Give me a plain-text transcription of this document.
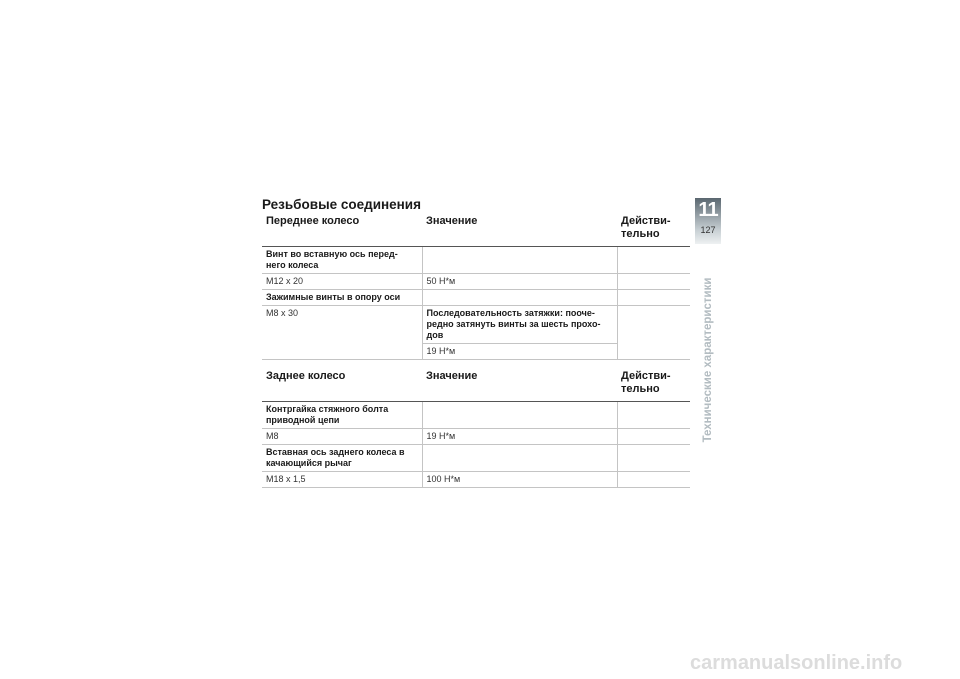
Резьбовые соединения
Переднее колесо	Значение	Действи-
тельно
Винт во вставную ось перед-
него колеса		
М12 x 20	50 Н*м	
Зажимные винты в опору оси		
М8 x 30	Последовательность затяжки: пооче-
редно затянуть винты за шесть прохо-
дов	
	19 Н*м	
Заднее колесо	Значение	Действи-
тельно
Контргайка стяжного болта
приводной цепи		
М8	19 Н*м	
Вставная ось заднего колеса в
качающийся рычаг		
М18 x 1,5	100 Н*м	
11
127
Технические характеристики
carmanualsonline.info
